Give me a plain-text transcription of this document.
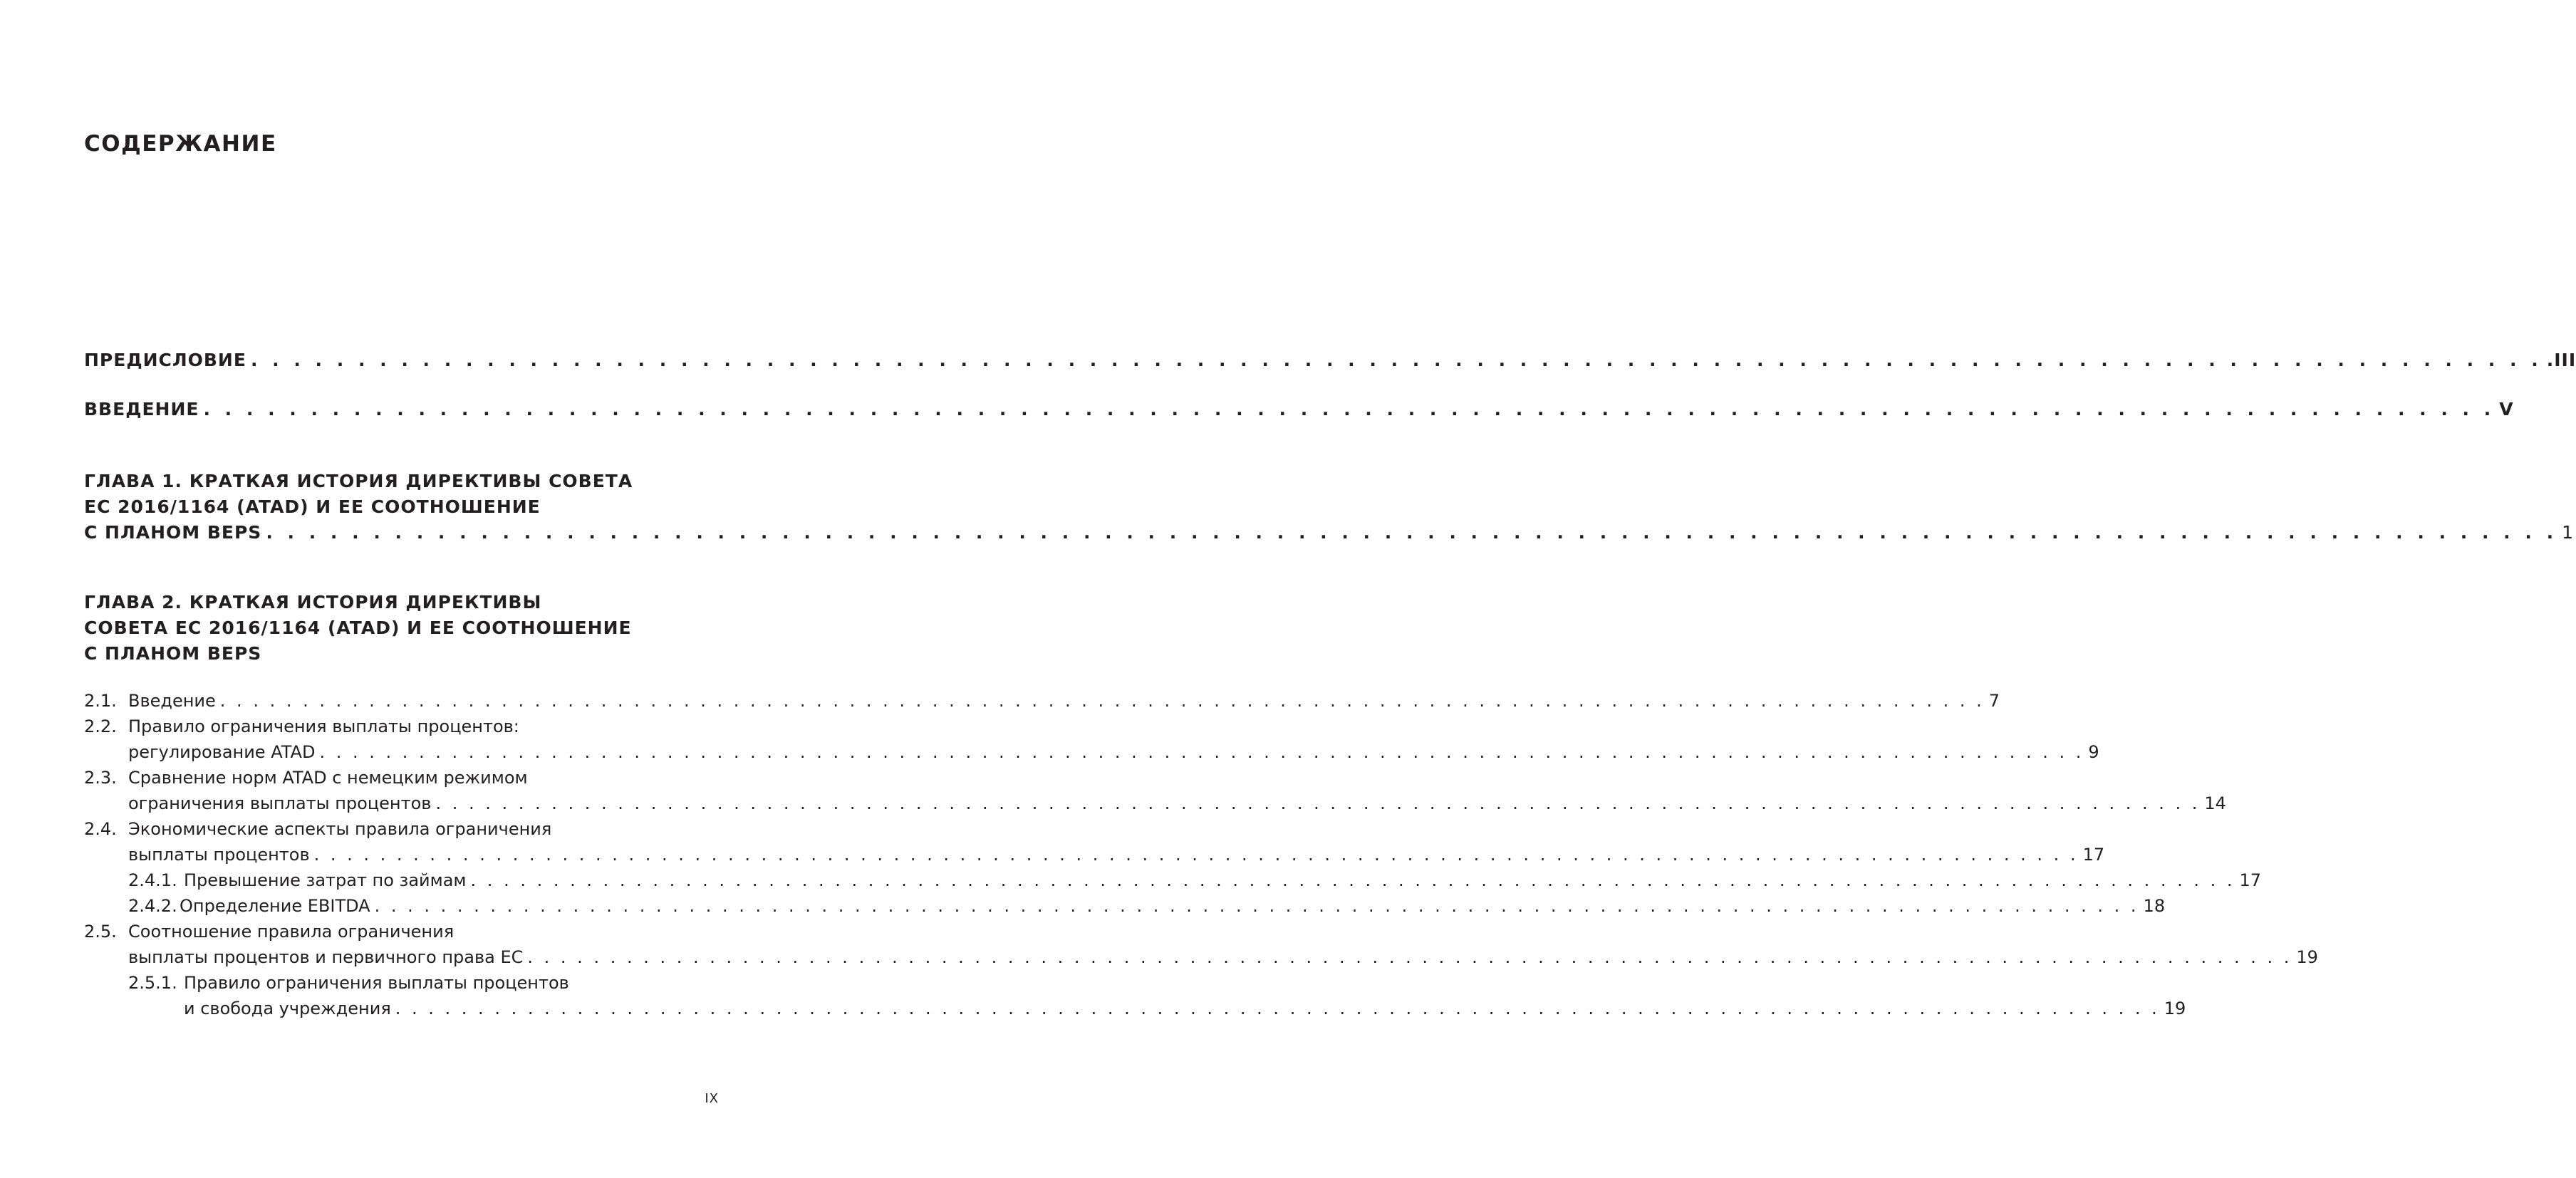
СОДЕРЖАНИЕ
ПРЕДИСЛОВИЕ . . .	.III
ВВЕДЕНИЕ . . .	V
ГЛАВА 1. КРАТКАЯ ИСТОРИЯ ДИРЕКТИВЫ СОВЕТА
ЕС 2016/1164 (ATAD) И ЕЕ СООТНОШЕНИЕ
С ПЛАНОМ BEPS . . .	1
ГЛАВА 2. КРАТКАЯ ИСТОРИЯ ДИРЕКТИВЫ
СОВЕТА ЕС 2016/1164 (ATAD) И ЕЕ СООТНОШЕНИЕ
С ПЛАНОМ BEPS
2.1. Введение . . .	7
2.2. Правило ограничения выплаты процентов:
регулирование ATAD . . .	9
2.3. Сравнение норм ATAD с немецким режимом
ограничения выплаты процентов . . .	14
2.4. Экономические аспекты правила ограничения
выплаты процентов . . .	17
2.4.1. Превышение затрат по займам . . .	17
2.4.2. Определение EBITDA . . .	18
2.5. Соотношение правила ограничения
выплаты процентов и первичного права ЕС . . .	19
2.5.1. Правило ограничения выплаты процентов
и свобода учреждения . . .	19
IX
